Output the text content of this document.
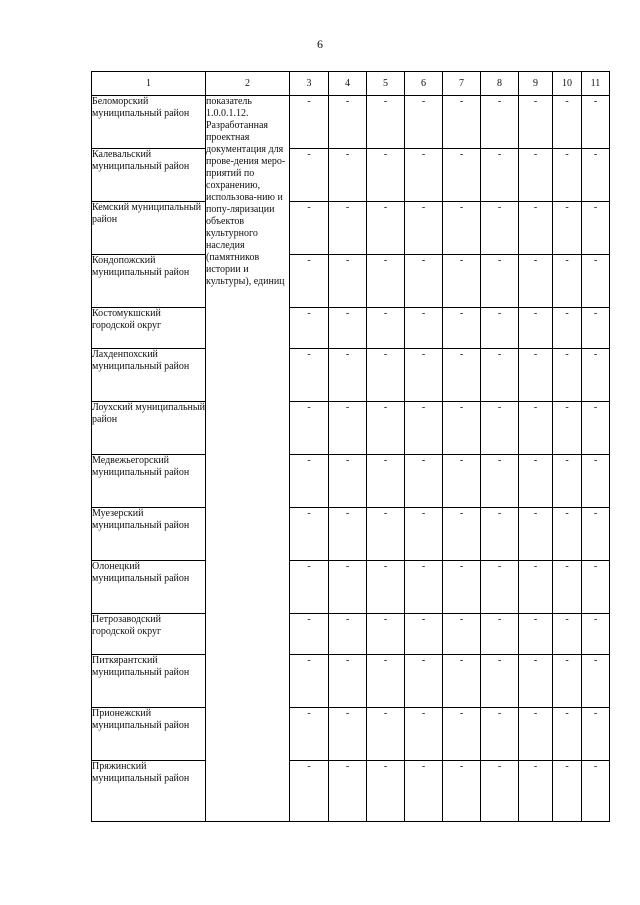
6
1	2	3	4	5	6	7	8	9	10	11
Беломорский муниципальный район	показатель 1.0.0.1.12. Разработанная проектная документация для прове-дения меро-приятий по сохранению, использова-нию и попу-ляризации объектов культурного наследия (памятников истории и культуры), единиц	-	-	-	-	-	-	-	-	-
Калевальский муниципальный район		-	-	-	-	-	-	-	-	-
Кемский муниципальный район		-	-	-	-	-	-	-	-	-
Кондопожский муниципальный район		-	-	-	-	-	-	-	-	-
Костомукшский городской округ		-	-	-	-	-	-	-	-	-
Лахденпохский муниципальный район		-	-	-	-	-	-	-	-	-
Лоухский муниципальный район		-	-	-	-	-	-	-	-	-
Медвежьегорский муниципальный район		-	-	-	-	-	-	-	-	-
Муезерский муниципальный район		-	-	-	-	-	-	-	-	-
Олонецкий муниципальный район		-	-	-	-	-	-	-	-	-
Петрозаводский городской округ		-	-	-	-	-	-	-	-	-
Питкярантский муниципальный район		-	-	-	-	-	-	-	-	-
Прионежский муниципальный район		-	-	-	-	-	-	-	-	-
Пряжинский муниципальный район		-	-	-	-	-	-	-	-	-
